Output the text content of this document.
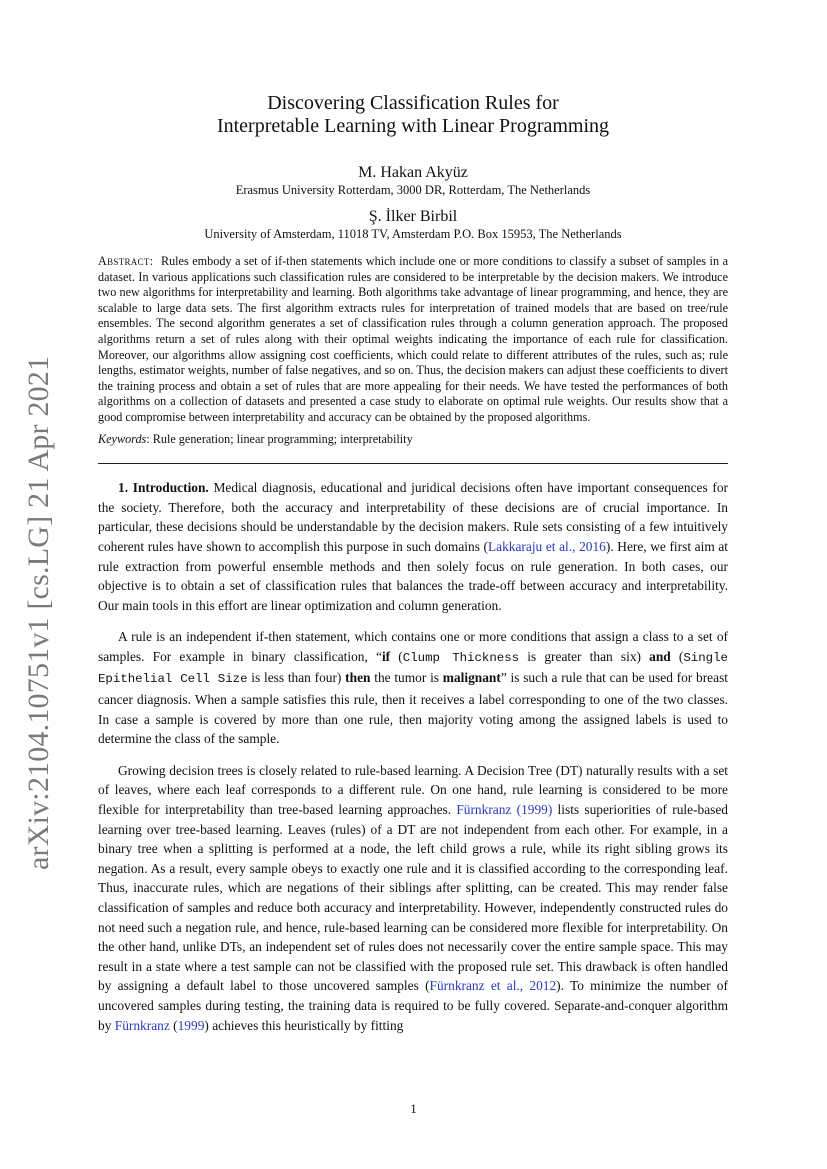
arXiv:2104.10751v1 [cs.LG] 21 Apr 2021
Discovering Classification Rules for
Interpretable Learning with Linear Programming
M. Hakan Akyüz
Erasmus University Rotterdam, 3000 DR, Rotterdam, The Netherlands
Ş. İlker Birbil
University of Amsterdam, 11018 TV, Amsterdam P.O. Box 15953, The Netherlands
Abstract: Rules embody a set of if-then statements which include one or more conditions to classify a subset of samples in a dataset. In various applications such classification rules are considered to be interpretable by the decision makers. We introduce two new algorithms for interpretability and learning. Both algorithms take advantage of linear programming, and hence, they are scalable to large data sets. The first algorithm extracts rules for interpretation of trained models that are based on tree/rule ensembles. The second algorithm generates a set of classification rules through a column generation approach. The proposed algorithms return a set of rules along with their optimal weights indicating the importance of each rule for classification. Moreover, our algorithms allow assigning cost coefficients, which could relate to different attributes of the rules, such as; rule lengths, estimator weights, number of false negatives, and so on. Thus, the decision makers can adjust these coefficients to divert the training process and obtain a set of rules that are more appealing for their needs. We have tested the performances of both algorithms on a collection of datasets and presented a case study to elaborate on optimal rule weights. Our results show that a good compromise between interpretability and accuracy can be obtained by the proposed algorithms.
Keywords: Rule generation; linear programming; interpretability

1. Introduction. Medical diagnosis, educational and juridical decisions often have important consequences for the society. Therefore, both the accuracy and interpretability of these decisions are of crucial importance. In particular, these decisions should be understandable by the decision makers. Rule sets consisting of a few intuitively coherent rules have shown to accomplish this purpose in such domains (Lakkaraju et al., 2016). Here, we first aim at rule extraction from powerful ensemble methods and then solely focus on rule generation. In both cases, our objective is to obtain a set of classification rules that balances the trade-off between accuracy and interpretability. Our main tools in this effort are linear optimization and column generation.

A rule is an independent if-then statement, which contains one or more conditions that assign a class to a set of samples. For example in binary classification, “if (Clump Thickness is greater than six) and (Single Epithelial Cell Size is less than four) then the tumor is malignant” is such a rule that can be used for breast cancer diagnosis. When a sample satisfies this rule, then it receives a label corresponding to one of the two classes. In case a sample is covered by more than one rule, then majority voting among the assigned labels is used to determine the class of the sample.

Growing decision trees is closely related to rule-based learning. A Decision Tree (DT) naturally results with a set of leaves, where each leaf corresponds to a different rule. On one hand, rule learning is considered to be more flexible for interpretability than tree-based learning approaches. Fürnkranz (1999) lists superiorities of rule-based learning over tree-based learning. Leaves (rules) of a DT are not independent from each other. For example, in a binary tree when a splitting is performed at a node, the left child grows a rule, while its right sibling grows its negation. As a result, every sample obeys to exactly one rule and it is classified according to the corresponding leaf. Thus, inaccurate rules, which are negations of their siblings after splitting, can be created. This may render false classification of samples and reduce both accuracy and interpretability. However, independently constructed rules do not need such a negation rule, and hence, rule-based learning can be considered more flexible for interpretability. On the other hand, unlike DTs, an independent set of rules does not necessarily cover the entire sample space. This may result in a state where a test sample can not be classified with the proposed rule set. This drawback is often handled by assigning a default label to those uncovered samples (Fürnkranz et al., 2012). To minimize the number of uncovered samples during testing, the training data is required to be fully covered. Separate-and-conquer algorithm by Fürnkranz (1999) achieves this heuristically by fitting

1
